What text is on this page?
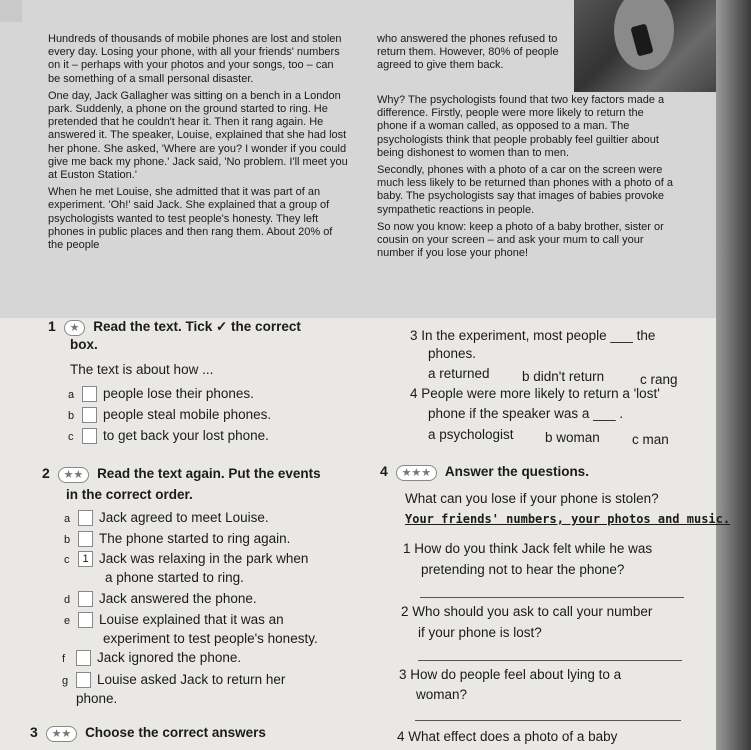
Hundreds of thousands of mobile phones are lost and stolen every day. Losing your phone, with all your friends' numbers on it – perhaps with your photos and your songs, too – can be something of a small personal disaster.

One day, Jack Gallagher was sitting on a bench in a London park. Suddenly, a phone on the ground started to ring. He pretended that he couldn't hear it. Then it rang again. He answered it. The speaker, Louise, explained that she had lost her phone. She asked, 'Where are you? I wonder if you could give me back my phone.' Jack said, 'No problem. I'll meet you at Euston Station.'

When he met Louise, she admitted that it was part of an experiment. 'Oh!' said Jack. She explained that a group of psychologists wanted to test people's honesty. They left phones in public places and then rang them. About 20% of the people

who answered the phones refused to return them. However, 80% of people agreed to give them back.

Why? The psychologists found that two key factors made a difference. Firstly, people were more likely to return the phone if a woman called, as opposed to a man. The psychologists think that people probably feel guiltier about being dishonest to women than to men.

Secondly, phones with a photo of a car on the screen were much less likely to be returned than phones with a photo of a baby. The psychologists say that images of babies provoke sympathetic reactions in people.

So now you know: keep a photo of a baby brother, sister or cousin on your screen – and ask your mum to call your number if you lose your phone!

1 ★ Read the text. Tick ✓ the correct
box.
The text is about how ...
a people lose their phones.
b people steal mobile phones.
c to get back your lost phone.
3 In the experiment, most people ___ the
phones.
a returned b didn't return	c rang
4 People were more likely to return a 'lost'
phone if the speaker was a ___ .
a psychologist b woman c man
2 ★★ Read the text again. Put the events
in the correct order.
a Jack agreed to meet Louise.
b The phone started to ring again.
c 1 Jack was relaxing in the park when
a phone started to ring.
d Jack answered the phone.
e Louise explained that it was an
experiment to test people's honesty.
f Jack ignored the phone.
g Louise asked Jack to return her
phone.
3 ★★ Choose the correct answers
4 ★★★ Answer the questions.
What can you lose if your phone is stolen?
Your friends' numbers, your photos and music.
1 How do you think Jack felt while he was
pretending not to hear the phone?
2 Who should you ask to call your number
if your phone is lost?
3 How do people feel about lying to a
woman?
4 What effect does a photo of a baby
